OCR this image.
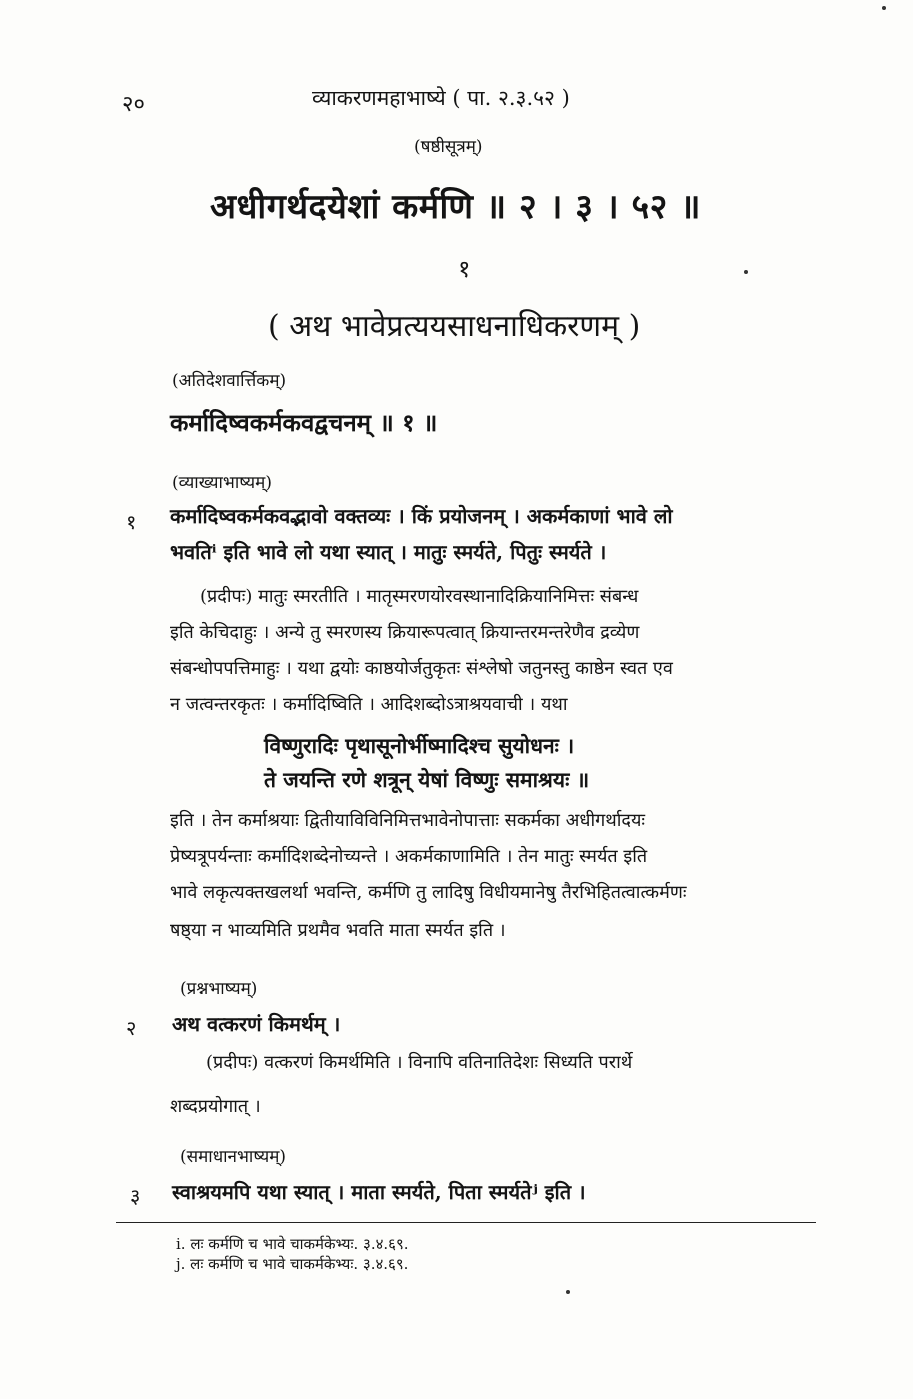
२०	व्याकरणमहाभाष्ये ( पा. २.३.५२ )
(षष्ठीसूत्रम्)
अधीगर्थदयेशां कर्मणि ॥ २ । ३ । ५२ ॥
१
( अथ भावेप्रत्ययसाधनाधिकरणम् )
(अतिदेशवार्त्तिकम्)
कर्मादिष्वकर्मकवद्वचनम् ॥ १ ॥
(व्याख्याभाष्यम्)
१ कर्मादिष्वकर्मकवद्भावो वक्तव्यः । किं प्रयोजनम् । अकर्मकाणां भावे लो
भवतिⁱ इति भावे लो यथा स्यात् । मातुः स्मर्यते, पितुः स्मर्यते ।
(प्रदीपः) मातुः स्मरतीति । मातृस्मरणयोरवस्थानादिक्रियानिमित्तः संबन्ध
इति केचिदाहुः । अन्ये तु स्मरणस्य क्रियारूपत्वात् क्रियान्तरमन्तरेणैव द्रव्येण
संबन्धोपपत्तिमाहुः । यथा द्वयोः काष्ठयोर्जतुकृतः संश्लेषो जतुनस्तु काष्ठेन स्वत एव
न जत्वन्तरकृतः । कर्मादिष्विति । आदिशब्दोऽत्राश्रयवाची । यथा
विष्णुरादिः पृथासूनोर्भीष्मादिश्च सुयोधनः ।
ते जयन्ति रणे शत्रून् येषां विष्णुः समाश्रयः ॥
इति । तेन कर्माश्रयाः द्वितीयाविविनिमित्तभावेनोपात्ताः सकर्मका अधीगर्थादयः
प्रेष्यत्रूपर्यन्ताः कर्मादिशब्देनोच्यन्ते । अकर्मकाणामिति । तेन मातुः स्मर्यत इति
भावे लकृत्यक्तखलर्था भवन्ति, कर्मणि तु लादिषु विधीयमानेषु तैरभिहितत्वात्कर्मणः
षष्ठ्या न भाव्यमिति प्रथमैव भवति माता स्मर्यत इति ।
(प्रश्नभाष्यम्)
२ अथ वत्करणं किमर्थम् ।
(प्रदीपः) वत्करणं किमर्थमिति । विनापि वतिनातिदेशः सिध्यति परार्थे
शब्दप्रयोगात् ।
(समाधानभाष्यम्)
३ स्वाश्रयमपि यथा स्यात् । माता स्मर्यते, पिता स्मर्यतेʲ इति ।
i. लः कर्मणि च भावे चाकर्मकेभ्यः. ३.४.६९.
j. लः कर्मणि च भावे चाकर्मकेभ्यः. ३.४.६९.
